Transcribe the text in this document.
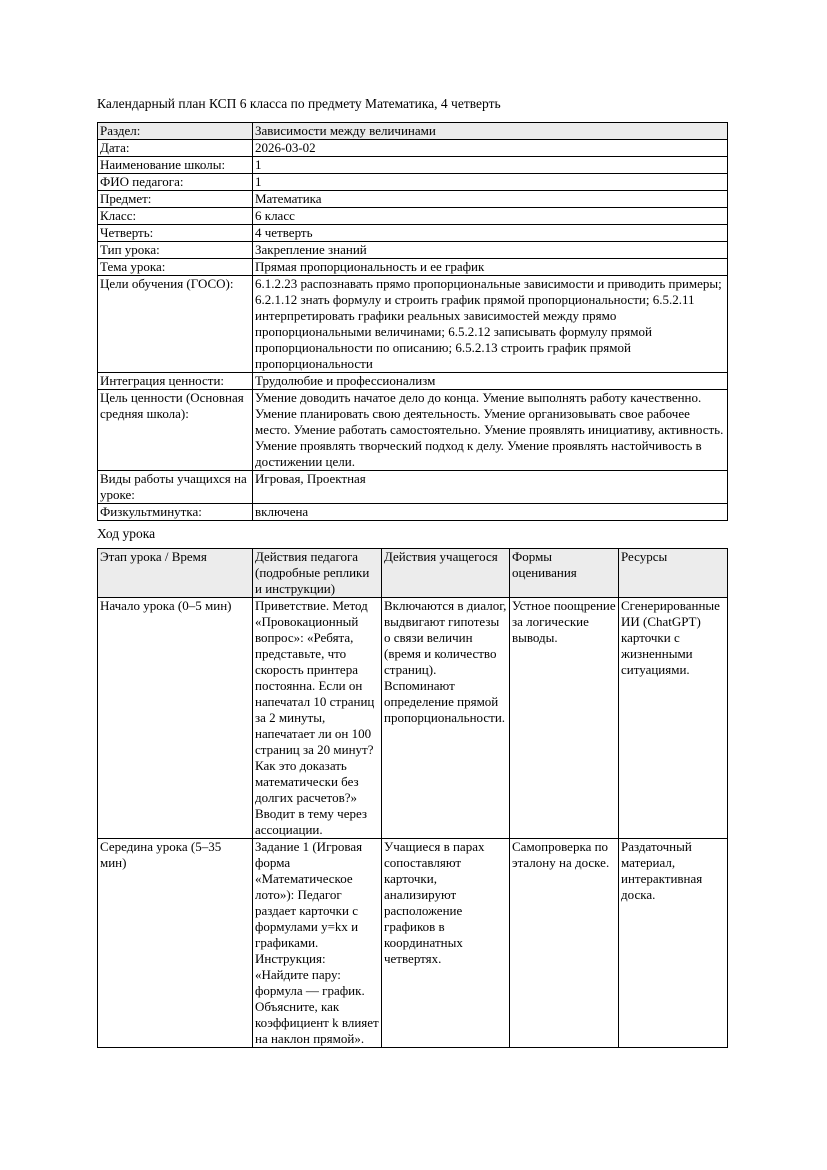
Календарный план КСП 6 класса по предмету Математика, 4 четверть

Раздел:	Зависимости между величинами
Дата:	2026-03-02
Наименование школы:	1
ФИО педагога:	1
Предмет:	Математика
Класс:	6 класс
Четверть:	4 четверть
Тип урока:	Закрепление знаний
Тема урока:	Прямая пропорциональность и ее график
Цели обучения (ГОСО):	6.1.2.23 распознавать прямо пропорциональные зависимости и приводить примеры; 6.2.1.12 знать формулу и строить график прямой пропорциональности; 6.5.2.11 интерпретировать графики реальных зависимостей между прямо пропорциональными величинами; 6.5.2.12 записывать формулу прямой пропорциональности по описанию; 6.5.2.13 строить график прямой пропорциональности
Интеграция ценности:	Трудолюбие и профессионализм
Цель ценности (Основная средняя школа):	Умение доводить начатое дело до конца. Умение выполнять работу качественно. Умение планировать свою деятельность. Умение организовывать свое рабочее место. Умение работать самостоятельно. Умение проявлять инициативу, активность. Умение проявлять творческий подход к делу. Умение проявлять настойчивость в достижении цели.
Виды работы учащихся на уроке:	Игровая, Проектная
Физкультминутка:	включена

Ход урока

Этап урока / Время	Действия педагога (подробные реплики и инструкции)	Действия учащегося	Формы оценивания	Ресурсы
Начало урока (0–5 мин)	Приветствие. Метод «Провокационный вопрос»: «Ребята, представьте, что скорость принтера постоянна. Если он напечатал 10 страниц за 2 минуты, напечатает ли он 100 страниц за 20 минут? Как это доказать математически без долгих расчетов?» Вводит в тему через ассоциации.	Включаются в диалог, выдвигают гипотезы о связи величин (время и количество страниц). Вспоминают определение прямой пропорциональности.	Устное поощрение за логические выводы.	Сгенерированные ИИ (ChatGPT) карточки с жизненными ситуациями.
Середина урока (5–35 мин)	Задание 1 (Игровая форма «Математическое лото»): Педагог раздает карточки с формулами y=kx и графиками. Инструкция: «Найдите пару: формула — график. Объясните, как коэффициент k влияет на наклон прямой».	Учащиеся в парах сопоставляют карточки, анализируют расположение графиков в координатных четвертях.	Самопроверка по эталону на доске.	Раздаточный материал, интерактивная доска.
